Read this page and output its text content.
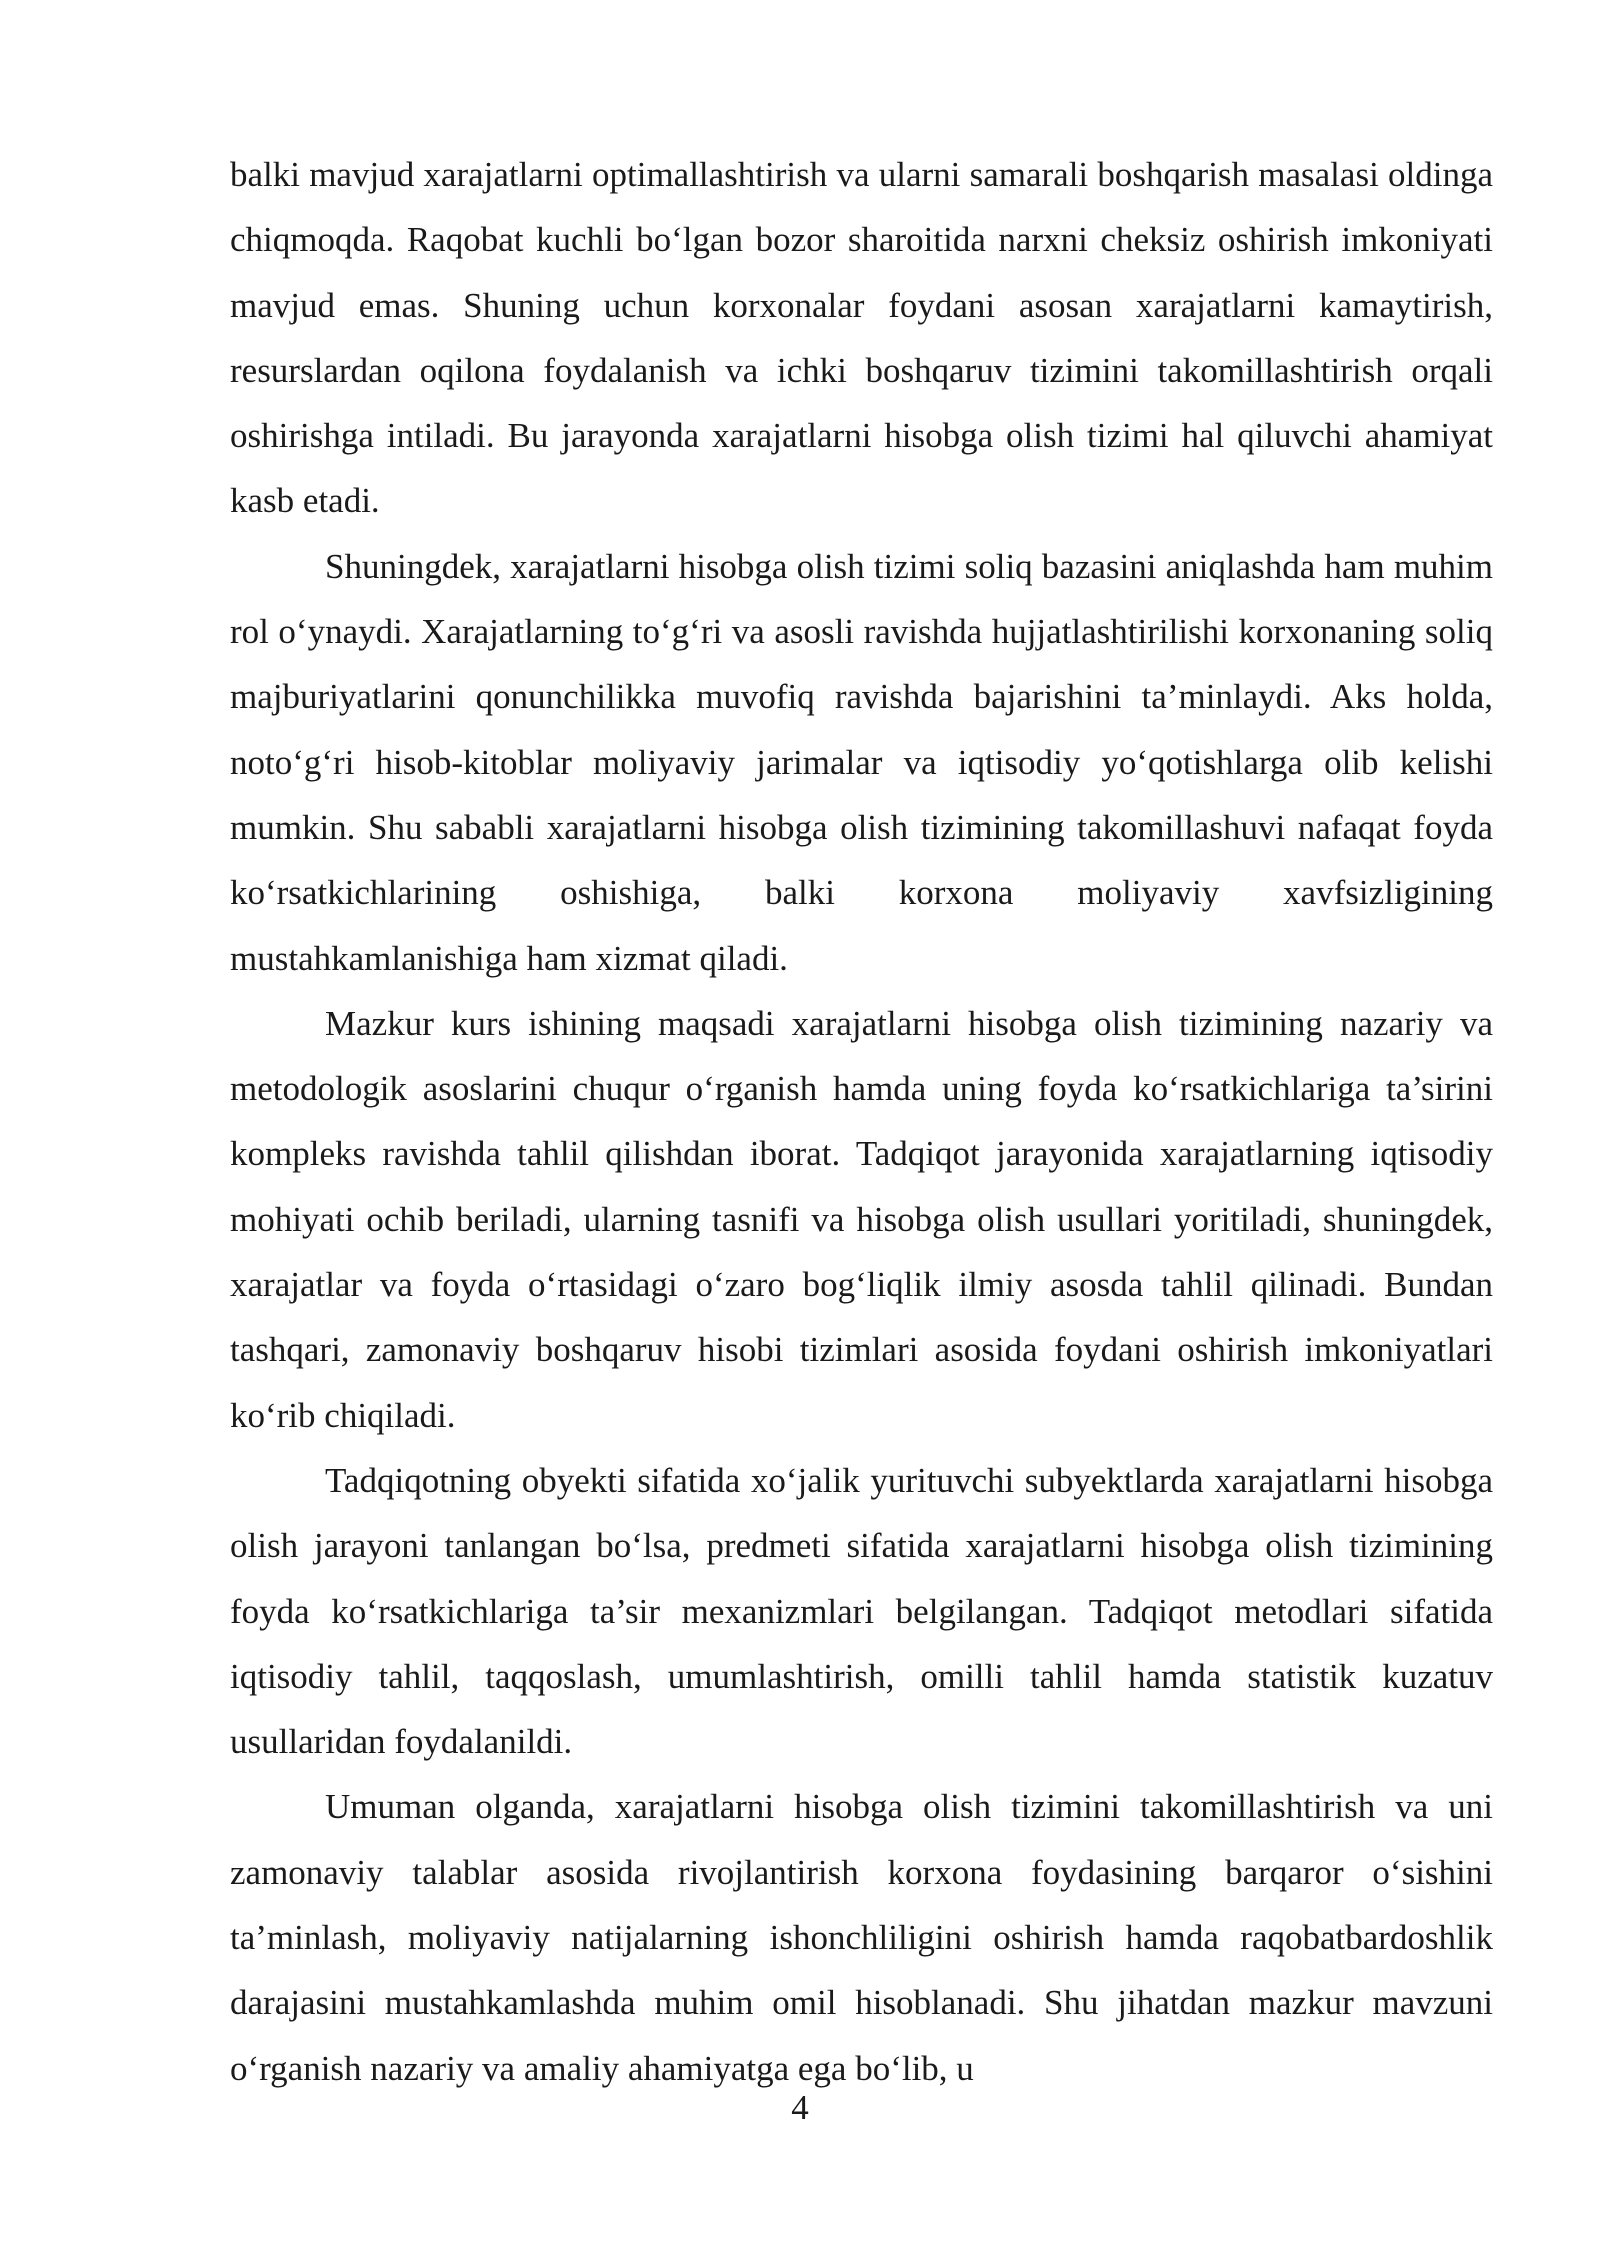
balki mavjud xarajatlarni optimallashtirish va ularni samarali boshqarish masalasi oldinga chiqmoqda. Raqobat kuchli bo‘lgan bozor sharoitida narxni cheksiz oshirish imkoniyati mavjud emas. Shuning uchun korxonalar foydani asosan xarajatlarni kamaytirish, resurslardan oqilona foydalanish va ichki boshqaruv tizimini takomillashtirish orqali oshirishga intiladi. Bu jarayonda xarajatlarni hisobga olish tizimi hal qiluvchi ahamiyat kasb etadi.

Shuningdek, xarajatlarni hisobga olish tizimi soliq bazasini aniqlashda ham muhim rol o‘ynaydi. Xarajatlarning to‘g‘ri va asosli ravishda hujjatlashtirilishi korxonaning soliq majburiyatlarini qonunchilikka muvofiq ravishda bajarishini ta’minlaydi. Aks holda, noto‘g‘ri hisob-kitoblar moliyaviy jarimalar va iqtisodiy yo‘qotishlarga olib kelishi mumkin. Shu sababli xarajatlarni hisobga olish tizimining takomillashuvi nafaqat foyda ko‘rsatkichlarining oshishiga, balki korxona moliyaviy xavfsizligining mustahkamlanishiga ham xizmat qiladi.

Mazkur kurs ishining maqsadi xarajatlarni hisobga olish tizimining nazariy va metodologik asoslarini chuqur o‘rganish hamda uning foyda ko‘rsatkichlariga ta’sirini kompleks ravishda tahlil qilishdan iborat. Tadqiqot jarayonida xarajatlarning iqtisodiy mohiyati ochib beriladi, ularning tasnifi va hisobga olish usullari yoritiladi, shuningdek, xarajatlar va foyda o‘rtasidagi o‘zaro bog‘liqlik ilmiy asosda tahlil qilinadi. Bundan tashqari, zamonaviy boshqaruv hisobi tizimlari asosida foydani oshirish imkoniyatlari ko‘rib chiqiladi.

Tadqiqotning obyekti sifatida xo‘jalik yurituvchi subyektlarda xarajatlarni hisobga olish jarayoni tanlangan bo‘lsa, predmeti sifatida xarajatlarni hisobga olish tizimining foyda ko‘rsatkichlariga ta’sir mexanizmlari belgilangan. Tadqiqot metodlari sifatida iqtisodiy tahlil, taqqoslash, umumlashtirish, omilli tahlil hamda statistik kuzatuv usullaridan foydalanildi.

Umuman olganda, xarajatlarni hisobga olish tizimini takomillashtirish va uni zamonaviy talablar asosida rivojlantirish korxona foydasining barqaror o‘sishini ta’minlash, moliyaviy natijalarning ishonchliligini oshirish hamda raqobatbardoshlik darajasini mustahkamlashda muhim omil hisoblanadi. Shu jihatdan mazkur mavzuni o‘rganish nazariy va amaliy ahamiyatga ega bo‘lib, u

4
